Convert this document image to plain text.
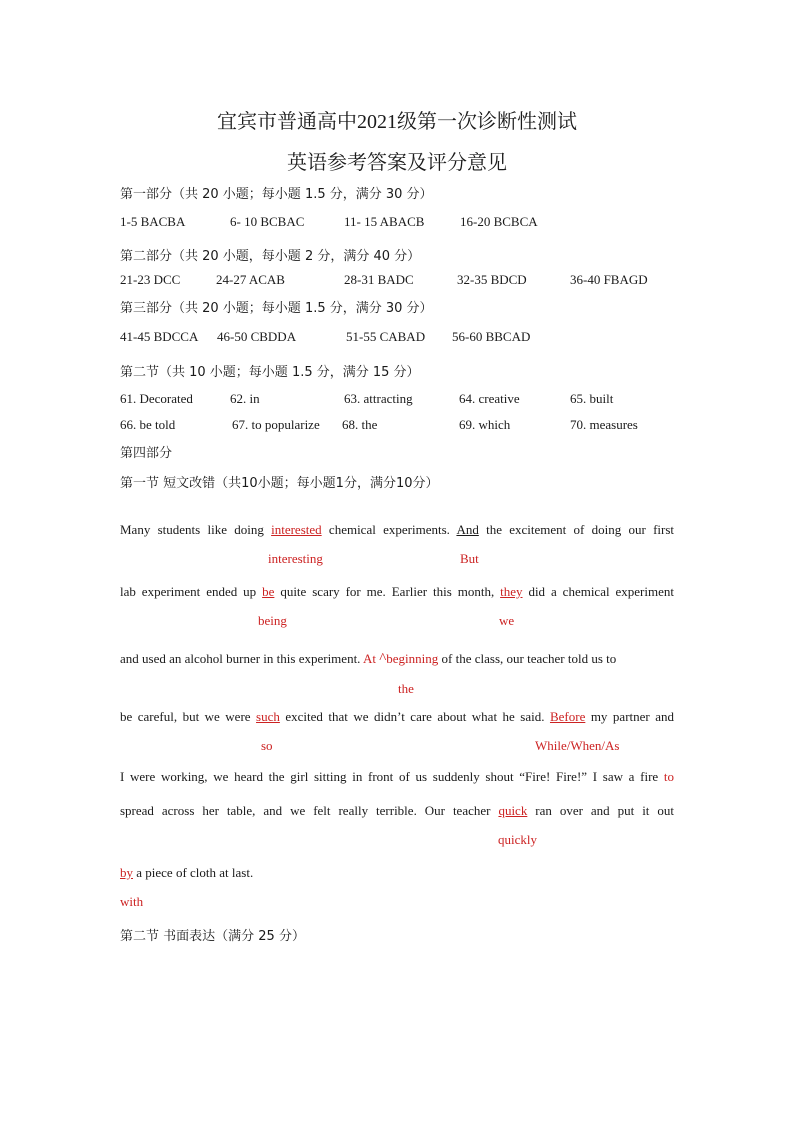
宜宾市普通高中2021级第一次诊断性测试
英语参考答案及评分意见
第一部分（共 20 小题；每小题 1.5 分，满分 30 分）
1-5 BACBA	6- 10 BCBAC	11- 15 ABACB	16-20 BCBCA
第二部分（共 20 小题，每小题 2 分，满分 40 分）
21-23 DCC	24-27 ACAB	28-31 BADC	32-35 BDCD	36-40 FBAGD
第三部分（共 20 小题；每小题 1.5 分，满分 30 分）
41-45 BDCCA 46-50 CBDDA	51-55 CABAD 56-60 BBCAD
第二节（共 10 小题；每小题 1.5 分，满分 15 分）
61. Decorated	62. in	63. attracting	64. creative	65. built
66. be told	67. to popularize 68. the	69. which	70. measures
第四部分
第一节 短文改错（共10小题；每小题1分，满分10分）
Many students like doing interested chemical experiments. And the excitement of doing our first
interesting	But
lab experiment ended up be quite scary for me. Earlier this month, they did a chemical experiment
being	we
and used an alcohol burner in this experiment. At ^beginning of the class, our teacher told us to
the
be careful, but we were such excited that we didn’t care about what he said. Before my partner and
so	While/When/As
I were working, we heard the girl sitting in front of us suddenly shout “Fire! Fire!” I saw a fire to
spread across her table, and we felt really terrible. Our teacher quick ran over and put it out
quickly
by a piece of cloth at last.
with
第二节 书面表达（满分 25 分）
